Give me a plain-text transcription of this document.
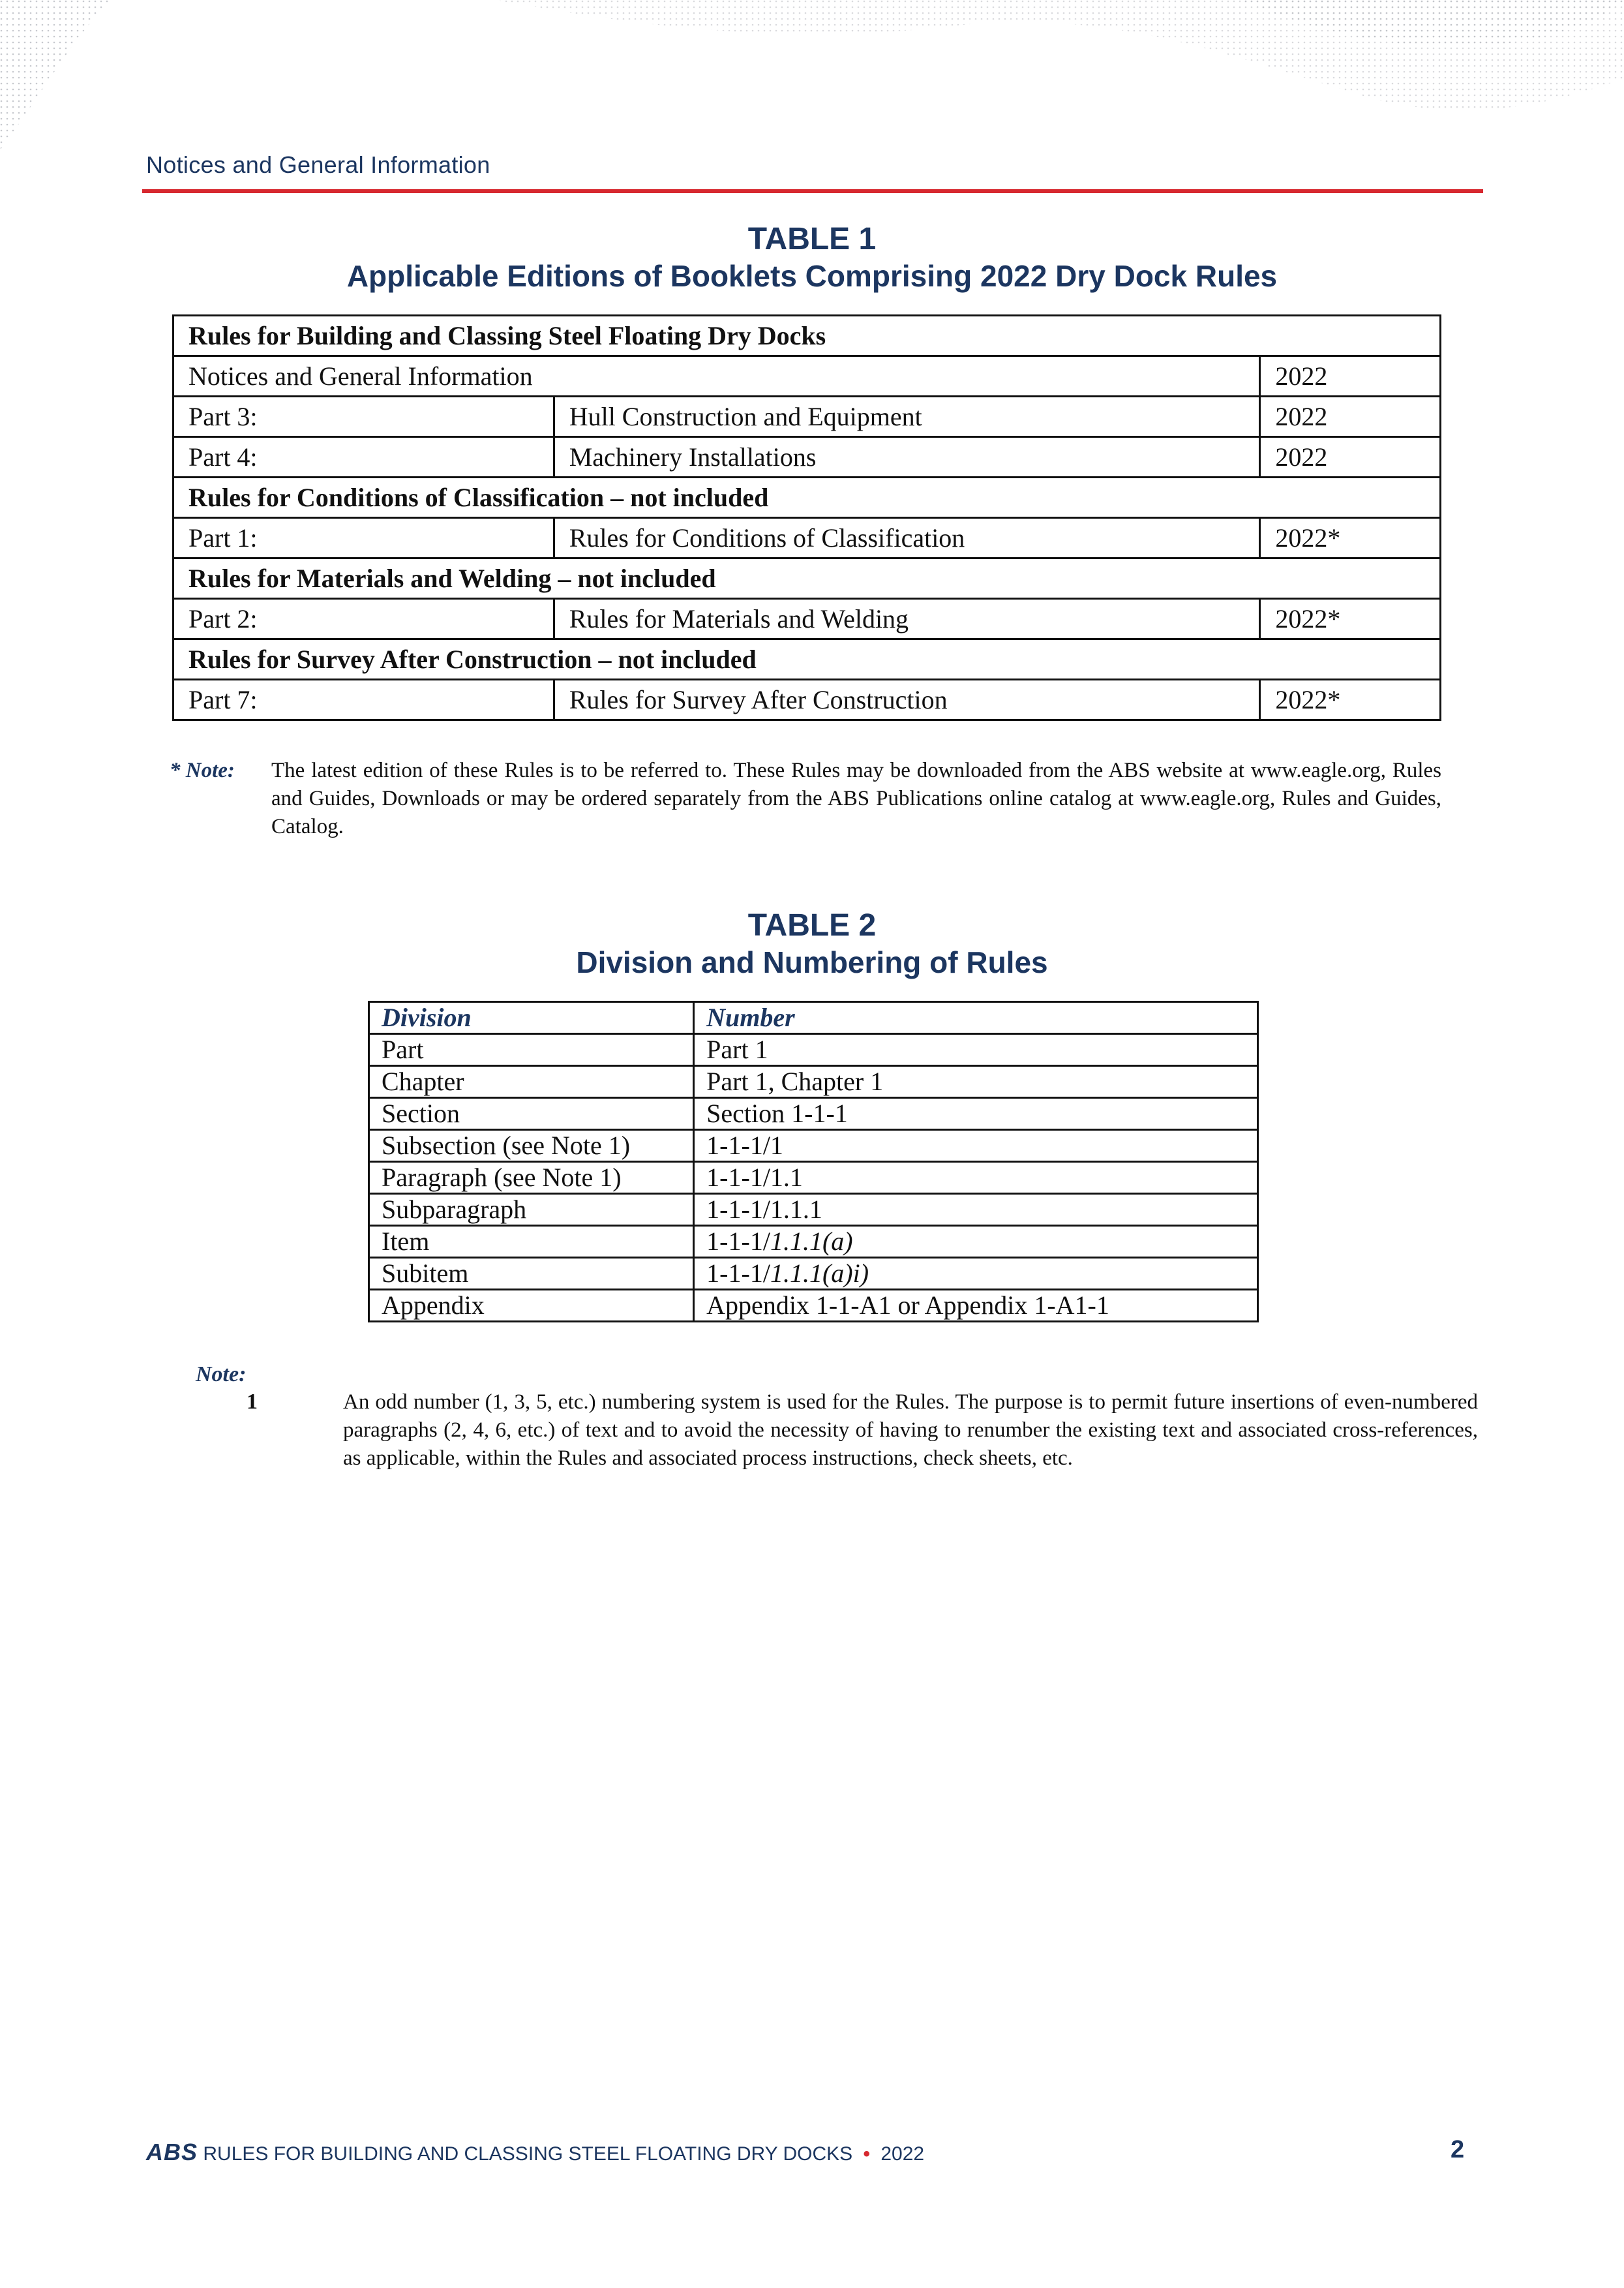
Notices and General Information
TABLE 1
Applicable Editions of Booklets Comprising 2022 Dry Dock Rules
Rules for Building and Classing Steel Floating Dry Docks		
Notices and General Information		2022
Part 3:	Hull Construction and Equipment	2022
Part 4:	Machinery Installations	2022
Rules for Conditions of Classification – not included		
Part 1:	Rules for Conditions of Classification	2022*
Rules for Materials and Welding – not included		
Part 2:	Rules for Materials and Welding	2022*
Rules for Survey After Construction – not included		
Part 7:	Rules for Survey After Construction	2022*
* Note: The latest edition of these Rules is to be referred to. These Rules may be downloaded from the ABS website at www.eagle.org, Rules and Guides, Downloads or may be ordered separately from the ABS Publications online catalog at www.eagle.org, Rules and Guides, Catalog.
TABLE 2
Division and Numbering of Rules
Division	Number
Part	Part 1
Chapter	Part 1, Chapter 1
Section	Section 1-1-1
Subsection (see Note 1)	1-1-1/1
Paragraph (see Note 1)	1-1-1/1.1
Subparagraph	1-1-1/1.1.1
Item	1-1-1/1.1.1(a)
Subitem	1-1-1/1.1.1(a)i)
Appendix	Appendix 1-1-A1 or Appendix 1-A1-1
Note:
1	An odd number (1, 3, 5, etc.) numbering system is used for the Rules. The purpose is to permit future insertions of even-numbered paragraphs (2, 4, 6, etc.) of text and to avoid the necessity of having to renumber the existing text and associated cross-references, as applicable, within the Rules and associated process instructions, check sheets, etc.
ABS RULES FOR BUILDING AND CLASSING STEEL FLOATING DRY DOCKS • 2022	2
